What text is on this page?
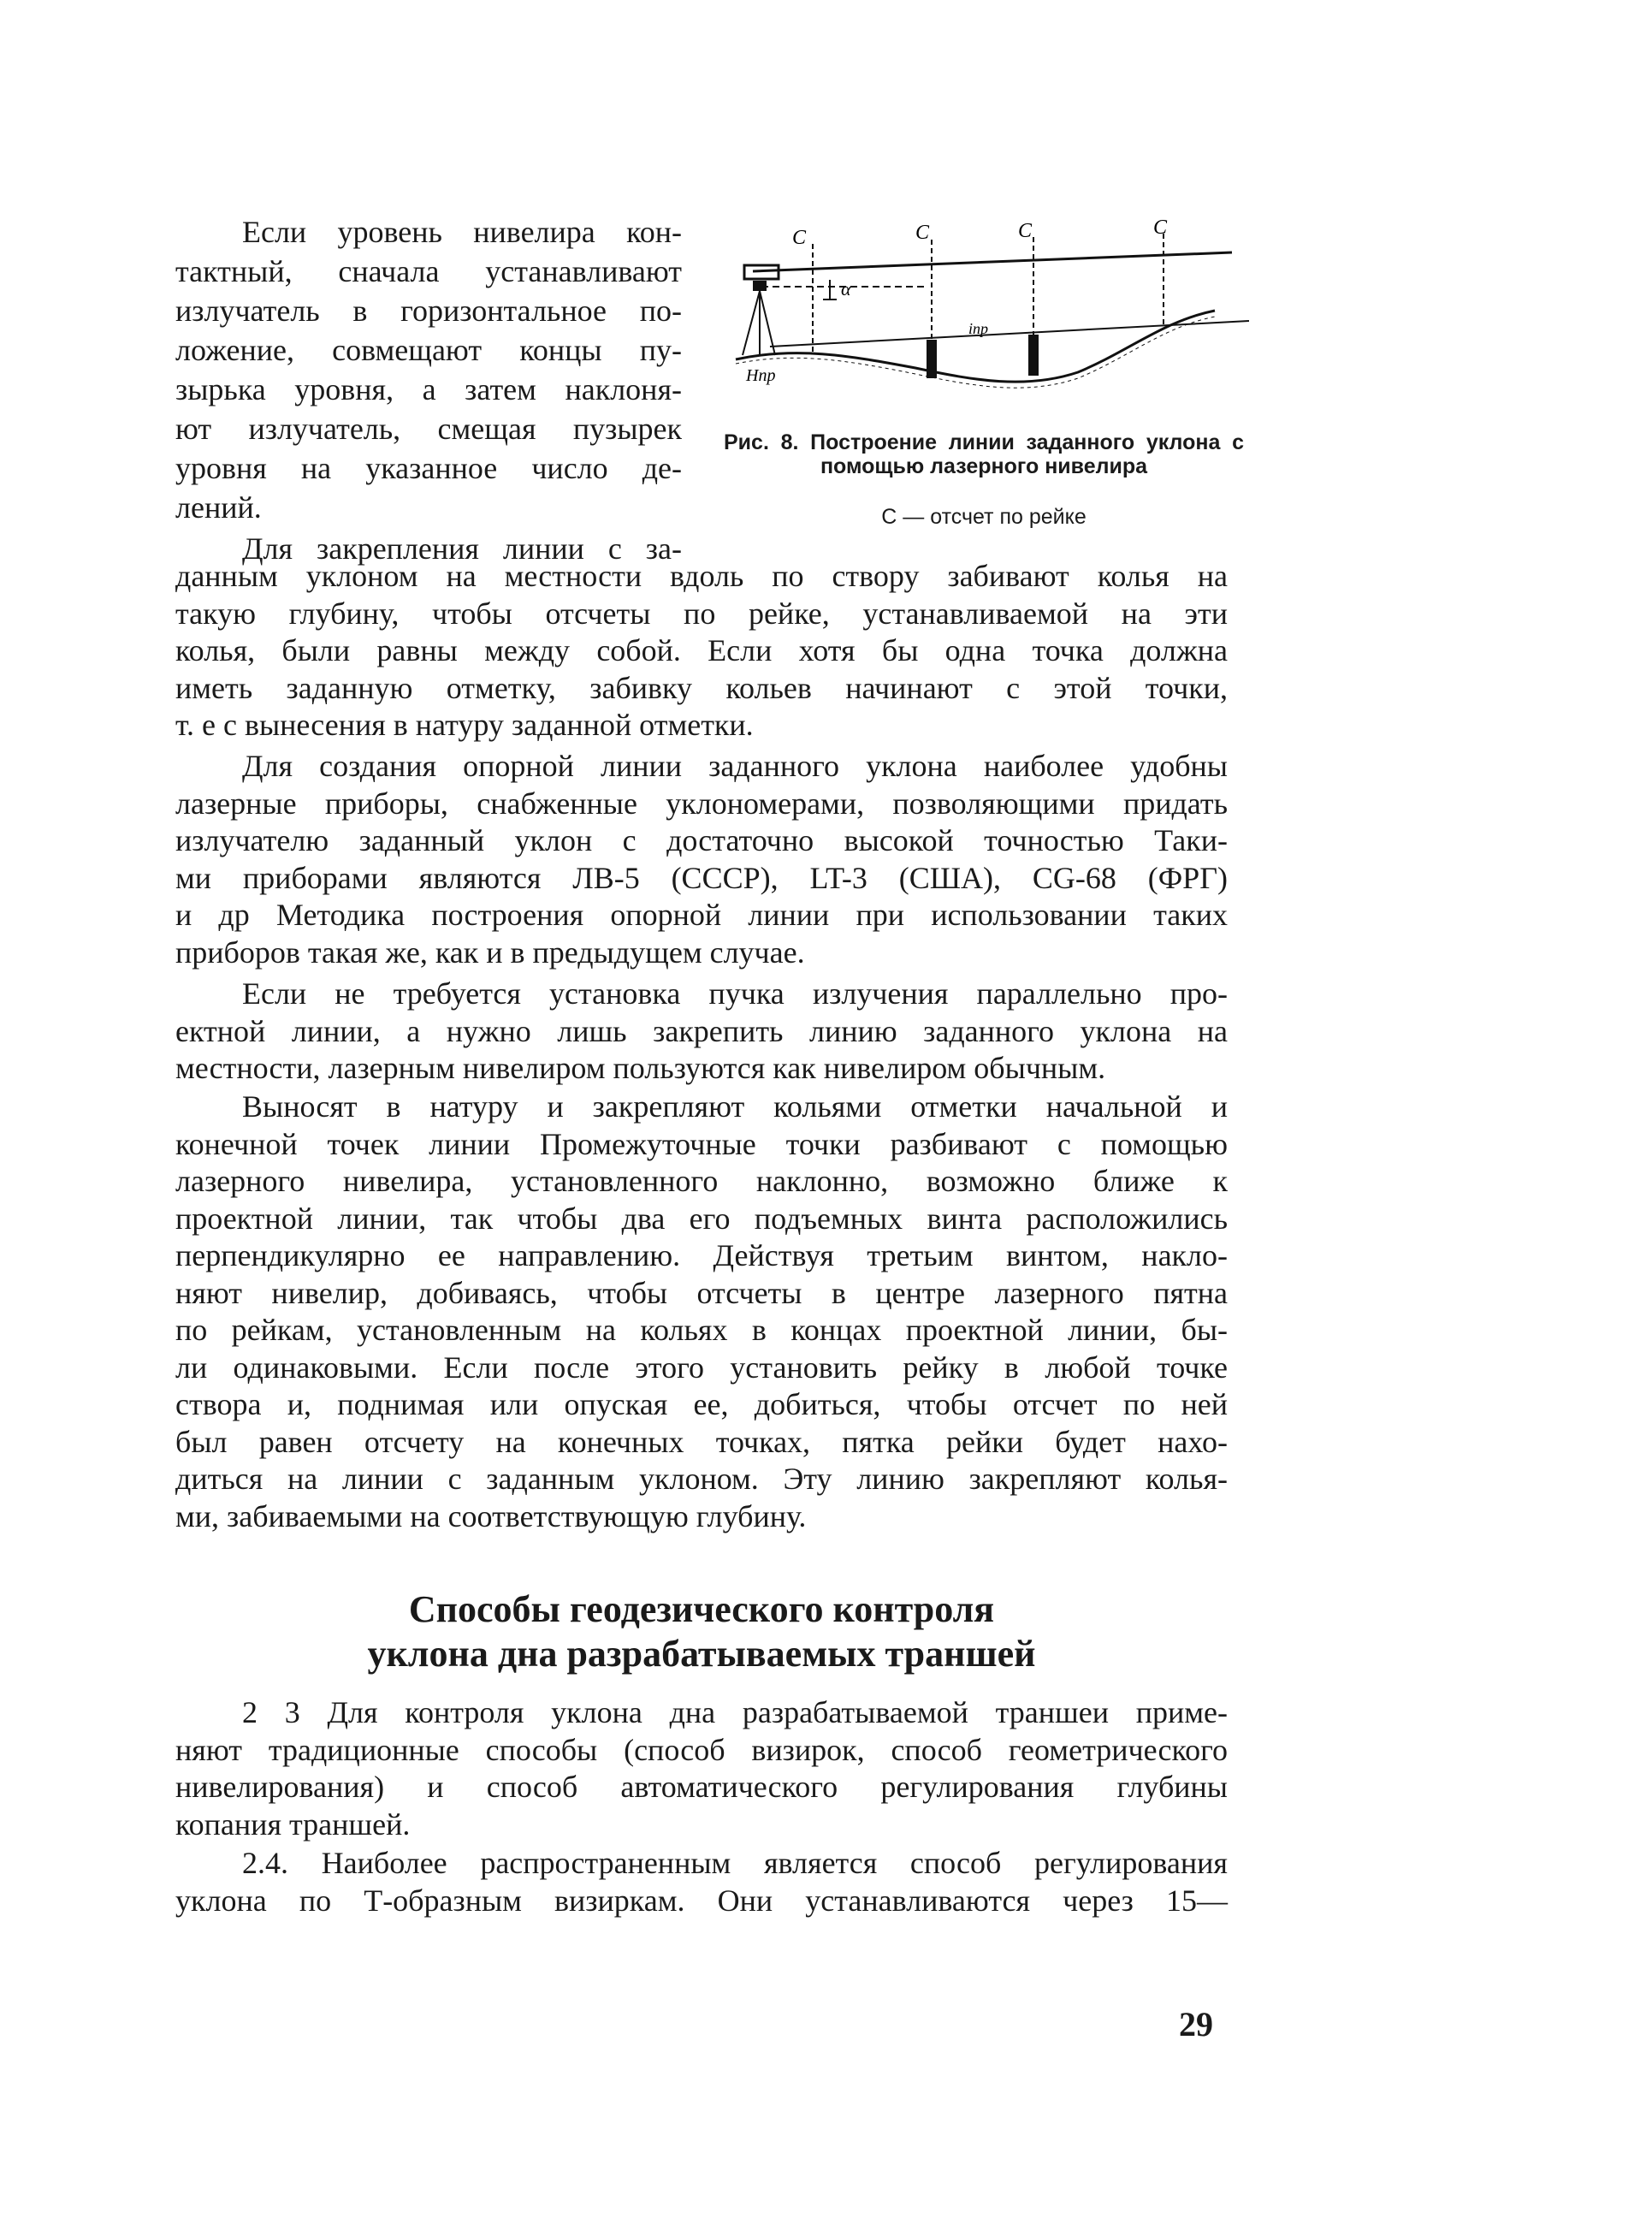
Если уровень нивелира кон-

тактный, сначала устанавливают

излучатель в горизонтальное по-

ложение, совмещают концы пу-

зырька уровня, а затем наклоня-

ют излучатель, смещая пузырек

уровня на указанное число де-

лений.

Для закрепления линии с за-

C	C	C	C
α
iпр
Hпр
Рис. 8. Построение линии заданного уклона с помощью лазерного нивелира
С — отсчет по рейке

данным уклоном на местности вдоль по створу забивают колья на
такую глубину, чтобы отсчеты по рейке, устанавливаемой на эти
колья, были равны между собой. Если хотя бы одна точка должна
иметь заданную отметку, забивку кольев начинают с этой точки,
т. е с вынесения в натуру заданной отметки.

Для создания опорной линии заданного уклона наиболее удобны
лазерные приборы, снабженные уклономерами, позволяющими придать
излучателю заданный уклон с достаточно высокой точностью Таки-
ми приборами являются ЛВ-5 (СССР), LT-3 (США), CG-68 (ФРГ)
и др Методика построения опорной линии при использовании таких
приборов такая же, как и в предыдущем случае.

Если не требуется установка пучка излучения параллельно про-
ектной линии, а нужно лишь закрепить линию заданного уклона на
местности, лазерным нивелиром пользуются как нивелиром обычным.

Выносят в натуру и закрепляют кольями отметки начальной и
конечной точек линии Промежуточные точки разбивают с помощью
лазерного нивелира, установленного наклонно, возможно ближе к
проектной линии, так чтобы два его подъемных винта расположились
перпендикулярно ее направлению. Действуя третьим винтом, накло-
няют нивелир, добиваясь, чтобы отсчеты в центре лазерного пятна
по рейкам, установленным на кольях в концах проектной линии, бы-
ли одинаковыми. Если после этого установить рейку в любой точке
створа и, поднимая или опуская ее, добиться, чтобы отсчет по ней
был равен отсчету на конечных точках, пятка рейки будет нахо-
диться на линии с заданным уклоном. Эту линию закрепляют колья-
ми, забиваемыми на соответствующую глубину.

Способы геодезического контроля
уклона дна разрабатываемых траншей

2 3 Для контроля уклона дна разрабатываемой траншеи приме-
няют традиционные способы (способ визирок, способ геометрического
нивелирования) и способ автоматического регулирования глубины
копания траншей.

2.4. Наиболее распространенным является способ регулирования
уклона по Т-образным визиркам. Они устанавливаются через 15—

29
